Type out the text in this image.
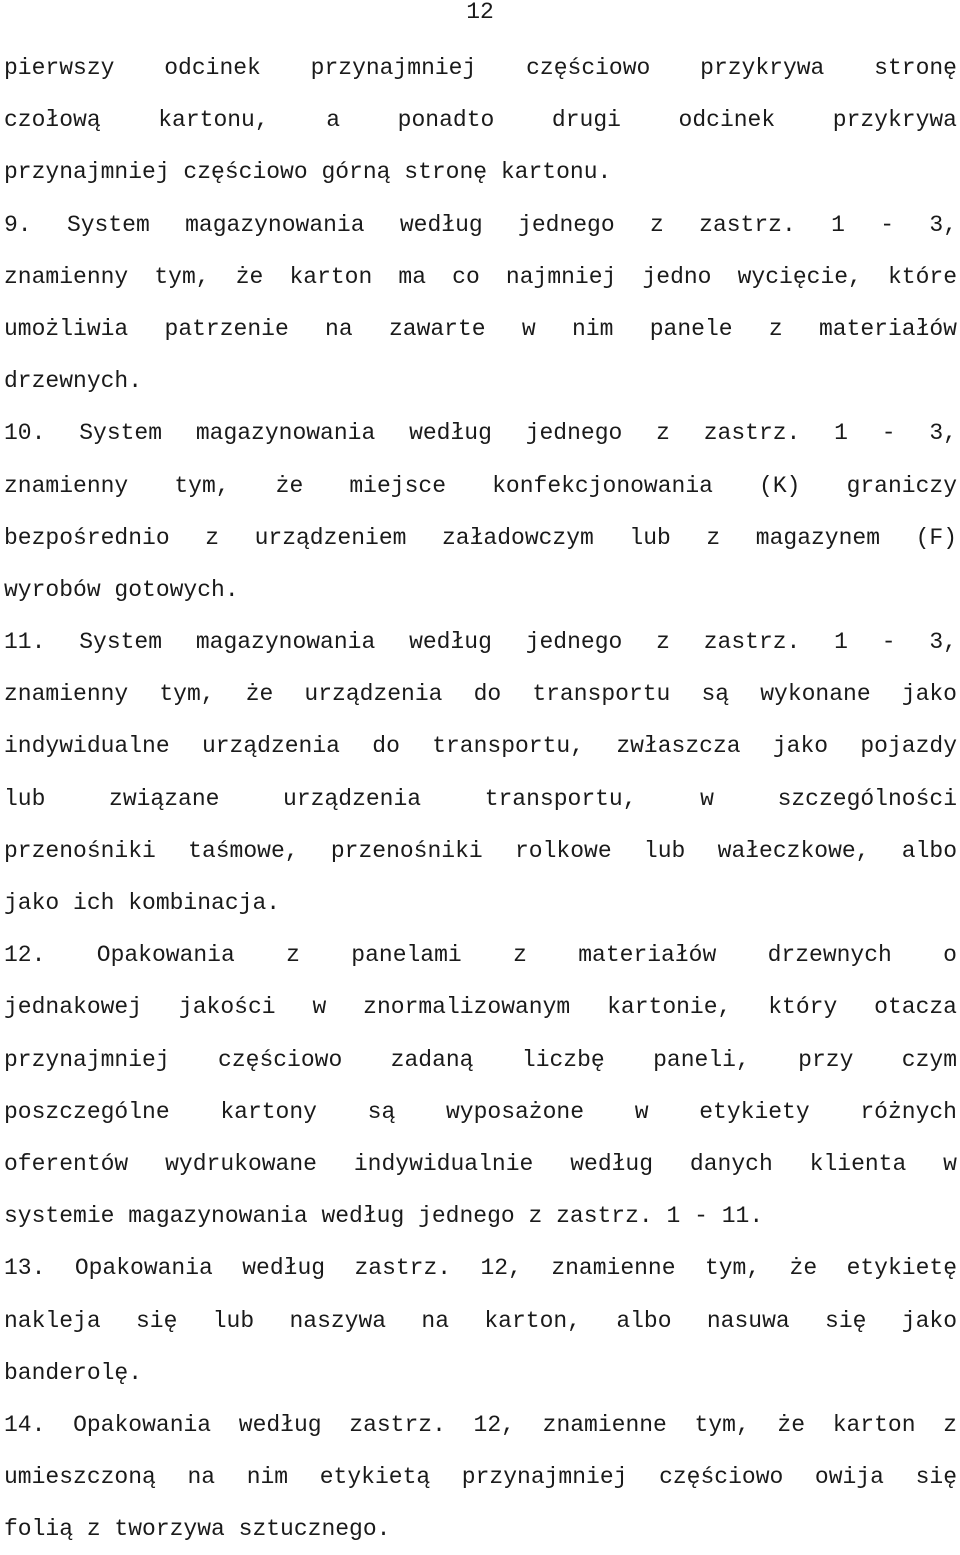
12
pierwszy odcinek przynajmniej częściowo przykrywa stronę
czołową kartonu, a ponadto drugi odcinek przykrywa
przynajmniej częściowo górną stronę kartonu.
9. System magazynowania według jednego z zastrz. 1 - 3,
znamienny tym, że karton ma co najmniej jedno wycięcie, które
umożliwia patrzenie na zawarte w nim panele z materiałów
drzewnych.
10. System magazynowania według jednego z zastrz. 1 - 3,
znamienny tym, że miejsce konfekcjonowania (K) graniczy
bezpośrednio z urządzeniem załadowczym lub z magazynem (F)
wyrobów gotowych.
11. System magazynowania według jednego z zastrz. 1 - 3,
znamienny tym, że urządzenia do transportu są wykonane jako
indywidualne urządzenia do transportu, zwłaszcza jako pojazdy
lub związane urządzenia transportu, w szczególności
przenośniki taśmowe, przenośniki rolkowe lub wałeczkowe, albo
jako ich kombinacja.
12. Opakowania z panelami z materiałów drzewnych o
jednakowej jakości w znormalizowanym kartonie, który otacza
przynajmniej częściowo zadaną liczbę paneli, przy czym
poszczególne kartony są wyposażone w etykiety różnych
oferentów wydrukowane indywidualnie według danych klienta w
systemie magazynowania według jednego z zastrz. 1 - 11.
13. Opakowania według zastrz. 12, znamienne tym, że etykietę
nakleja się lub naszywa na karton, albo nasuwa się jako
banderolę.
14. Opakowania według zastrz. 12, znamienne tym, że karton z
umieszczoną na nim etykietą przynajmniej częściowo owija się
folią z tworzywa sztucznego.
